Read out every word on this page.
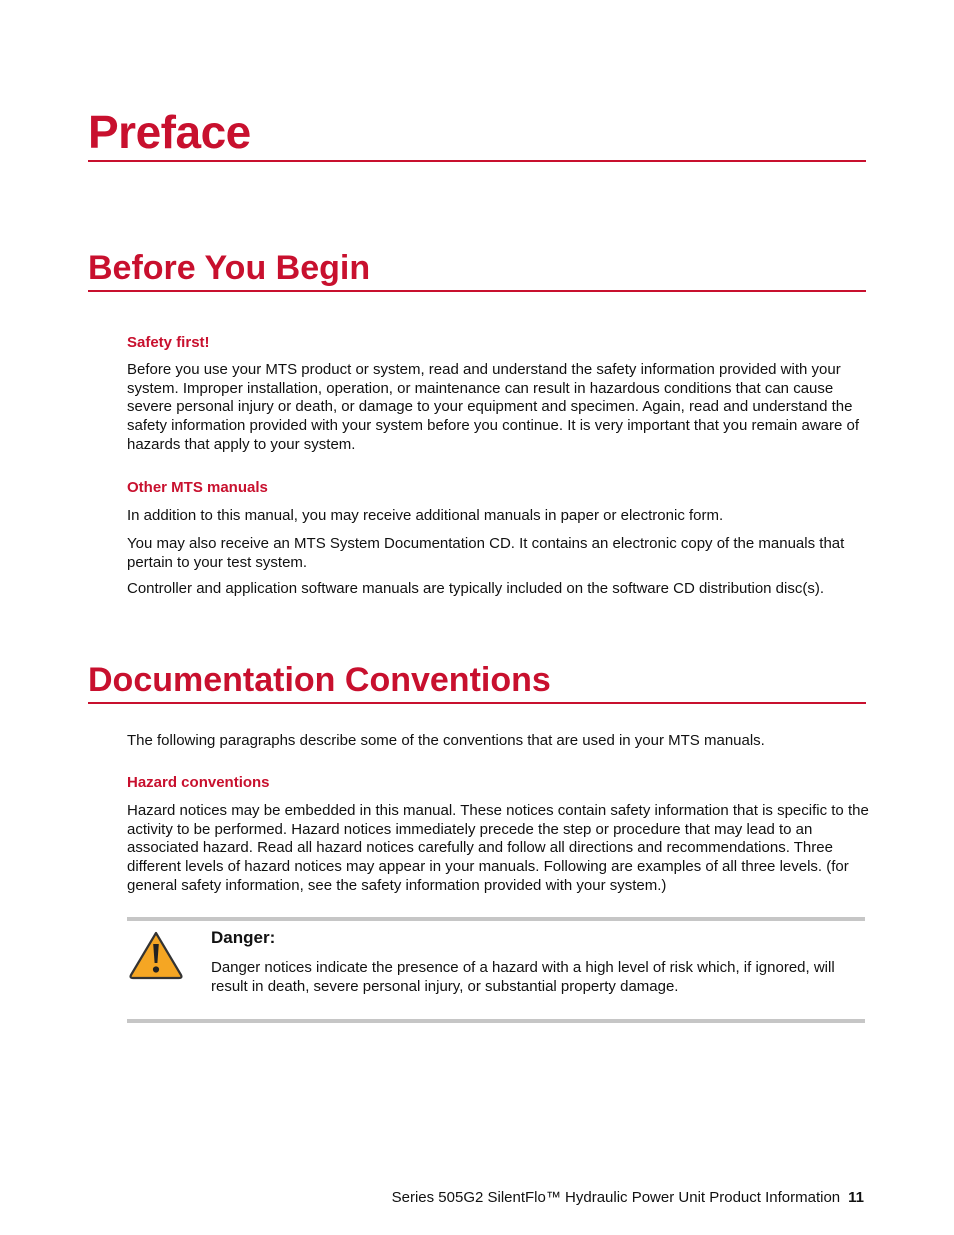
Preface
Before You Begin
Safety first!

Before you use your MTS product or system, read and understand the safety information provided with your system. Improper installation, operation, or maintenance can result in hazardous conditions that can cause severe personal injury or death, or damage to your equipment and specimen. Again, read and understand the safety information provided with your system before you continue. It is very important that you remain aware of hazards that apply to your system.

Other MTS manuals

In addition to this manual, you may receive additional manuals in paper or electronic form.

You may also receive an MTS System Documentation CD. It contains an electronic copy of the manuals that pertain to your test system.

Controller and application software manuals are typically included on the software CD distribution disc(s).

Documentation Conventions

The following paragraphs describe some of the conventions that are used in your MTS manuals.

Hazard conventions

Hazard notices may be embedded in this manual. These notices contain safety information that is specific to the activity to be performed. Hazard notices immediately precede the step or procedure that may lead to an associated hazard. Read all hazard notices carefully and follow all directions and recommendations. Three different levels of hazard notices may appear in your manuals. Following are examples of all three levels. (for general safety information, see the safety information provided with your system.)

Danger:

Danger notices indicate the presence of a hazard with a high level of risk which, if ignored, will result in death, severe personal injury, or substantial property damage.

Series 505G2 SilentFlo™ Hydraulic Power Unit Product Information 11
